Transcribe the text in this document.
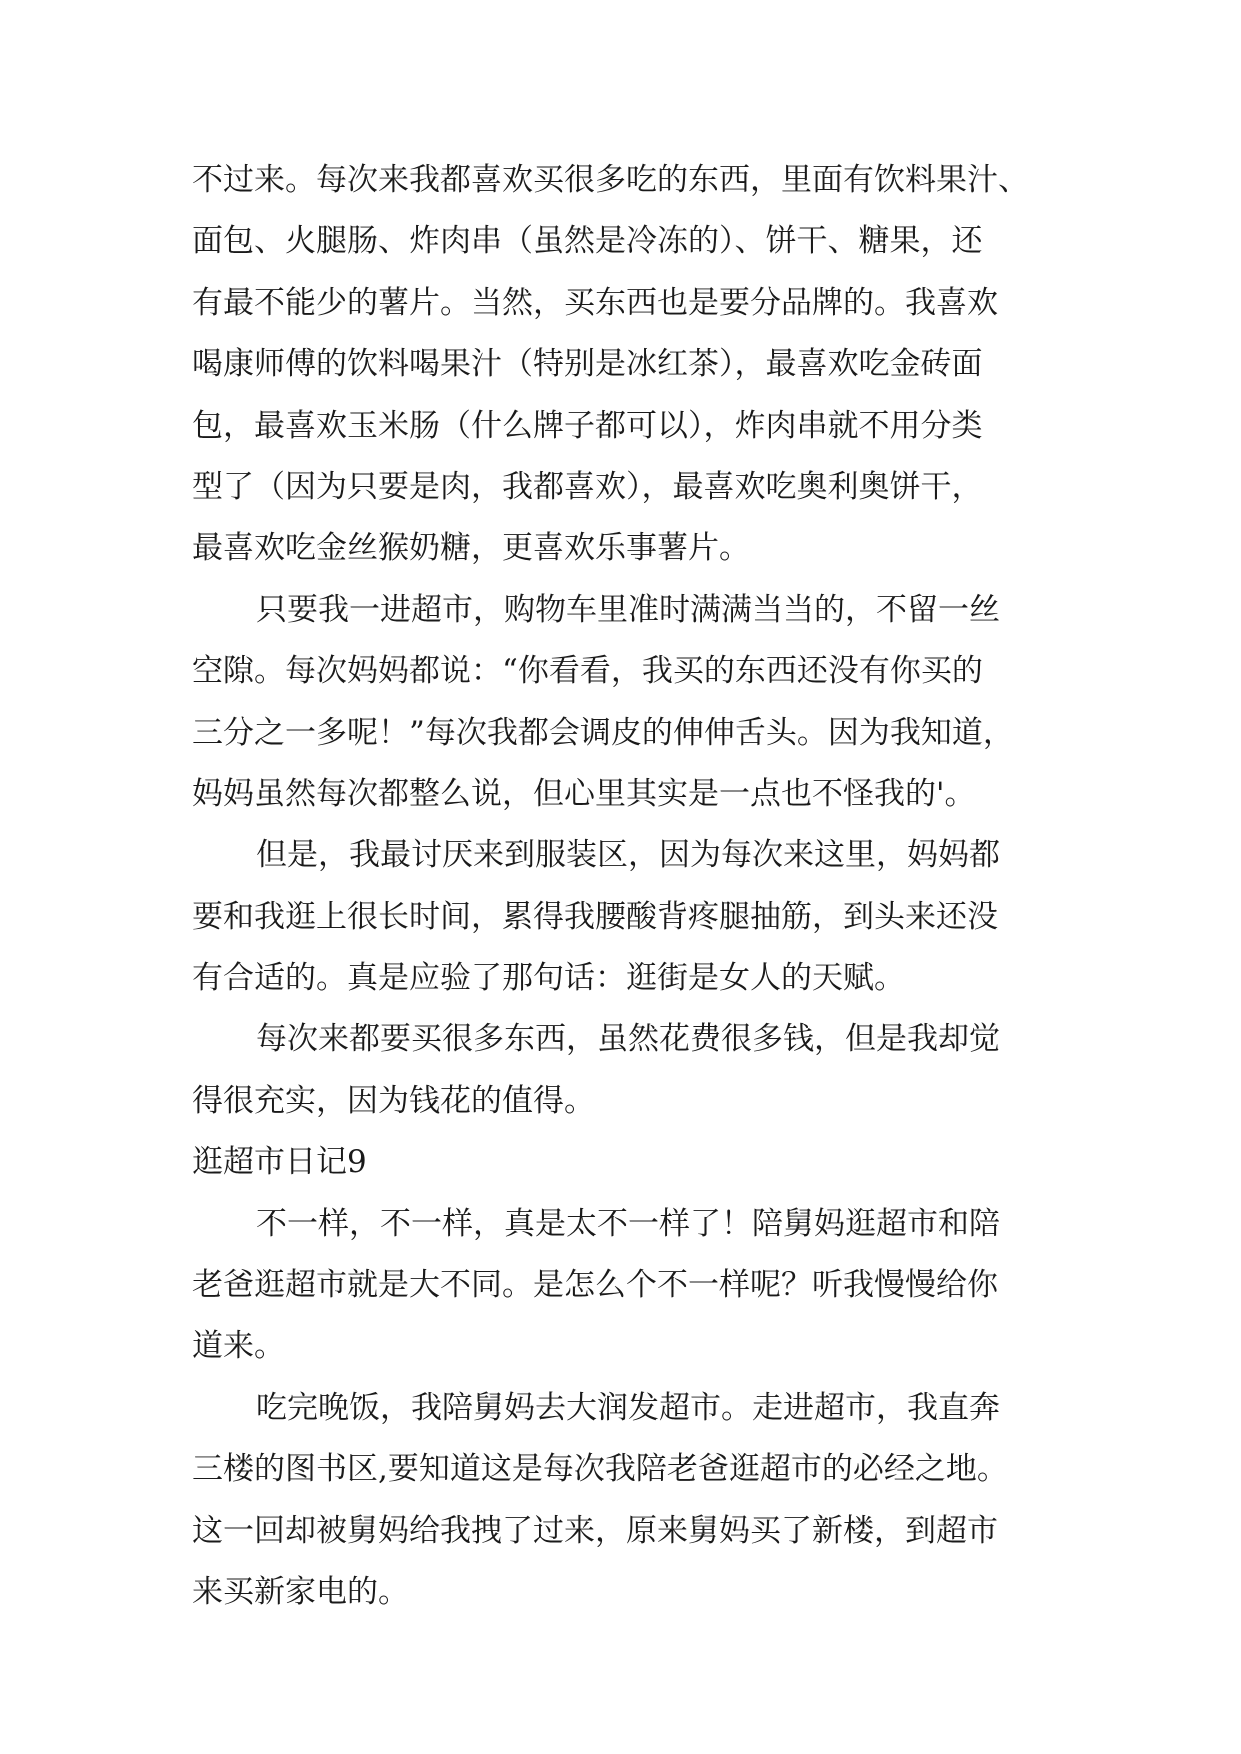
不过来。每次来我都喜欢买很多吃的东西，里面有饮料果汁、
面包、火腿肠、炸肉串（虽然是冷冻的）、饼干、糖果，还
有最不能少的薯片。当然，买东西也是要分品牌的。我喜欢
喝康师傅的饮料喝果汁（特别是冰红茶），最喜欢吃金砖面
包，最喜欢玉米肠（什么牌子都可以），炸肉串就不用分类
型了（因为只要是肉，我都喜欢），最喜欢吃奥利奥饼干，
最喜欢吃金丝猴奶糖，更喜欢乐事薯片。
只要我一进超市，购物车里准时满满当当的，不留一丝
空隙。每次妈妈都说：“你看看，我买的东西还没有你买的
三分之一多呢！”每次我都会调皮的伸伸舌头。因为我知道，
妈妈虽然每次都整么说，但心里其实是一点也不怪我的'。
但是，我最讨厌来到服装区，因为每次来这里，妈妈都
要和我逛上很长时间，累得我腰酸背疼腿抽筋，到头来还没
有合适的。真是应验了那句话：逛街是女人的天赋。
每次来都要买很多东西，虽然花费很多钱，但是我却觉
得很充实，因为钱花的值得。
逛超市日记9
不一样，不一样，真是太不一样了！陪舅妈逛超市和陪
老爸逛超市就是大不同。是怎么个不一样呢？听我慢慢给你
道来。
吃完晚饭，我陪舅妈去大润发超市。走进超市，我直奔
三楼的图书区,要知道这是每次我陪老爸逛超市的必经之地。
这一回却被舅妈给我拽了过来，原来舅妈买了新楼，到超市
来买新家电的。
